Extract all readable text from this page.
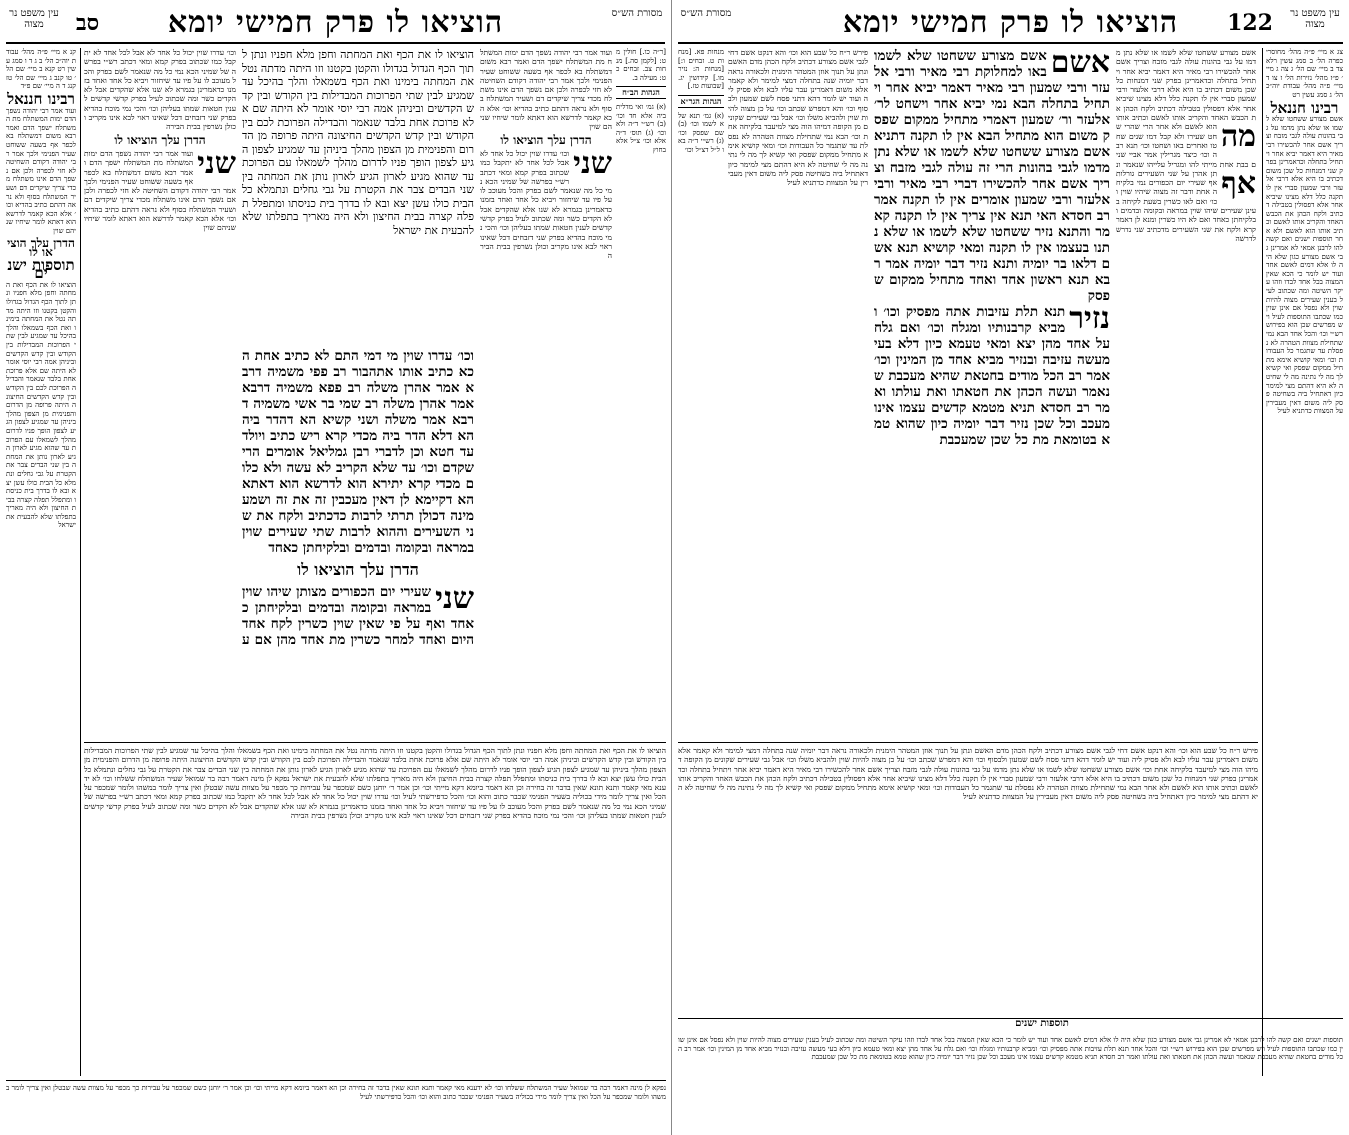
עין משפט נר מצוה	סב הוציאו לו פרק חמישי יומא	מסורת הש״ס
קנ א מיי׳ פ״ה מהל׳ עבודת יוה״כ הל׳ ב ג ד ו סמג עשין רט קנא ב מיי׳ שם הל׳ טו קנב ג מיי׳ שם הל׳ טז קנג ד ה מיי׳ שם פ״ד
רבינו חננאל
ועוד אמר רבי יהודה נשפך הדם ימות המשתלח מת המשתלח ישפך הדם ואמר רבא משום דמשתלח בא לכפר אף בשעה ששוחט שעיר הפנימי ולכך אמר רבי יהודה דקודם השחיטה לא חזי לכפרה ולכן אם נשפך הדם אינו משתלח מכדי צריך שיקדים דם ושעיר המשתלח בסוף ולא נראה דהתם כתיב בהדיא וכו׳ אלא הכא קאמר לדרשא הוא דאתא לומר שיחיו שניהם שוין
הדרן עלך הוציאו לו
תוספות ישנים
הוציאו לו את הכף ואת המחתה וחפן מלא חפניו ונתן לתוך הכף הגדול בגדולו והקטן בקטנו וזו היתה מדתה נטל את המחתה בימינו ואת הכף בשמאלו והלך בהיכל עד שמגיע לבין שתי הפרוכות המבדילות בין הקודש ובין קדש הקדשים וביניהן אמה רבי יוסי אומר לא היתה שם אלא פרוכת אחת בלבד שנאמר והבדילה הפרוכת לכם בין הקודש ובין קדש הקדשים החיצונה היתה פרופה מן הדרום והפנימית מן הצפון מהלך ביניהן עד שמגיע לצפון הגיע לצפון הופך פניו לדרום מהלך לשמאלו עם הפרוכת עד שהוא מגיע לארון הגיע לארון נותן את המחתה בין שני הבדים צבר את הקטרת על גבי גחלים ונתמלא כל הבית כולו עשן יצא ובא לו בדרך בית כניסתו ומתפלל תפלה קצרה בבית החיצון ולא היה מאריך בתפלתו שלא להבעית את ישראל
וכו׳ עדרו שוין יכול כל אחד לא אבל לכל אחד לא יתקבל כמו שכתוב בפרק קמא ומאי דכתב רש״י בפרשה של שמיני הכא נמי כל מה שנאמר לשם בפרק והכל מעוכב לו על פיו עד שיחזור ויביא כל אחד ואחד בזמנו כדאמרינן בגמרא לא שנו אלא שהקדים אבל לא הקדים כשר ומה שכתוב לעיל בפרק קדשי קדשים לענין חטאות שמתו בעליהן וכו׳ והכי נמי מוכח בהדיא בפרק שני דזבחים דכל שאינו ראוי לבא אינו מקריב וכולן נשרפין בבית הבירה
הדרן עלך הוציאו לו
שני
ועוד אמר רבי יהודה נשפך הדם ימות המשתלח מת המשתלח ישפך הדם ואמר רבא משום דמשתלח בא לכפר אף בשעה ששוחט שעיר הפנימי ולכך אמר רבי יהודה דקודם השחיטה לא חזי לכפרה ולכן אם נשפך הדם אינו משתלח מכדי צריך שיקדים דם ושעיר המשתלח בסוף ולא נראה דהתם כתיב בהדיא וכו׳ אלא הכא קאמר לדרשא הוא דאתא לומר שיחיו שניהם שוין
הוציאו לו את הכף ואת המחתה וחפן מלא חפניו ונתן לתוך הכף הגדול בגדולו והקטן בקטנו וזו היתה מדתה נטל את המחתה בימינו ואת הכף בשמאלו והלך בהיכל עד שמגיע לבין שתי הפרוכות המבדילות בין הקודש ובין קדש הקדשים וביניהן אמה רבי יוסי אומר לא היתה שם אלא פרוכת אחת בלבד שנאמר והבדילה הפרוכת לכם בין הקודש ובין קדש הקדשים החיצונה היתה פרופה מן הדרום והפנימית מן הצפון מהלך ביניהן עד שמגיע לצפון הגיע לצפון הופך פניו לדרום מהלך לשמאלו עם הפרוכת עד שהוא מגיע לארון הגיע לארון נותן את המחתה בין שני הבדים צבר את הקטרת על גבי גחלים ונתמלא כל הבית כולו עשן יצא ובא לו בדרך בית כניסתו ומתפלל תפלה קצרה בבית החיצון ולא היה מאריך בתפלתו שלא להבעית את ישראל
וכו׳ עדרו שוין מי דמי התם לא כתיב אחת הכא כתיב אותו אתהבור רב פפי משמיה דרבא אמר אהרן משלה רב פפא משמיה דרבא אמר אהרן משלה רב שמי בר אשי משמיה דרבא אמר משלה ושני קשיא הא דהדר ביה הא דלא הדר ביה מכדי קרא ריש כתיב ויולד עד חטא וכן לדברי רבן גמליאל אומרים הרי שקדם וכו׳ עד שלא הקריב לא עשה ולא כלום מכדי קרא יתירא הוא לדרשא הוא דאתא הא דקיימא לן דאין מעכבין זה את זה ושמע מינה דכולן תרתי לרבות כדכתיב ולקח את שני השעירים וההוא לרבות שתי שעירים שוין במראה ובקומה ובדמים ובלקיחתן כאחד
הדרן עלך הוציאו לו
שני
שעירי יום הכפורים מצותן שיהו שוין במראה ובקומה ובדמים ובלקיחתן כאחד ואף על פי שאין שוין כשרין לקח אחד היום ואחד למחר כשרין מת אחד מהן אם ע
ועוד אמר רבי יהודה נשפך הדם ימות המשתלח מת המשתלח ישפך הדם ואמר רבא משום דמשתלח בא לכפר אף בשעה ששוחט שעיר הפנימי ולכך אמר רבי יהודה דקודם השחיטה לא חזי לכפרה ולכן אם נשפך הדם אינו משתלח מכדי צריך שיקדים דם ושעיר המשתלח בסוף ולא נראה דהתם כתיב בהדיא וכו׳ אלא הכא קאמר לדרשא הוא דאתא לומר שיחיו שניהם שוין
הדרן עלך הוציאו לו
שני
וכו׳ עדרו שוין יכול כל אחד לא אבל לכל אחד לא יתקבל כמו שכתוב בפרק קמא ומאי דכתב רש״י בפרשה של שמיני הכא נמי כל מה שנאמר לשם בפרק והכל מעוכב לו על פיו עד שיחזור ויביא כל אחד ואחד בזמנו כדאמרינן בגמרא לא שנו אלא שהקדים אבל לא הקדים כשר ומה שכתוב לעיל בפרק קדשי קדשים לענין חטאות שמתו בעליהן וכו׳ והכי נמי מוכח בהדיא בפרק שני דזבחים דכל שאינו ראוי לבא אינו מקריב וכולן נשרפין בבית הבירה
[ר״ה כו.] חולין מט: [לקמן סה.] מנחות צב. זבחים כט: מעילה ב.
הגהות הב״ח
(א) גמ׳ ואי מדלית ביה אלא חד וכו׳ (ב) רש״י ד״ה ולא וכו׳ (ג) תוס׳ ד״ה אלא וכו׳ צ״ל אלא בחוץ
הוציאו לו את הכף ואת המחתה וחפן מלא חפניו ונתן לתוך הכף הגדול בגדולו והקטן בקטנו וזו היתה מדתה נטל את המחתה בימינו ואת הכף בשמאלו והלך בהיכל עד שמגיע לבין שתי הפרוכות המבדילות בין הקודש ובין קדש הקדשים וביניהן אמה רבי יוסי אומר לא היתה שם אלא פרוכת אחת בלבד שנאמר והבדילה הפרוכת לכם בין הקודש ובין קדש הקדשים החיצונה היתה פרופה מן הדרום והפנימית מן הצפון מהלך ביניהן עד שמגיע לצפון הגיע לצפון הופך פניו לדרום מהלך לשמאלו עם הפרוכת עד שהוא מגיע לארון הגיע לארון נותן את המחתה בין שני הבדים צבר את הקטרת על גבי גחלים ונתמלא כל הבית כולו עשן יצא ובא לו בדרך בית כניסתו ומתפלל תפלה קצרה בבית החיצון ולא היה מאריך בתפלתו שלא להבעית את ישראל נפקא לן מינה דאמר רבה בר שמואל שעיר המשתלח ששלחו וכו׳ לא ידענא מאי קאמר ותנא תונא שאין בדבר זה בחירה וכן הא דאמר ביומא דקא מייתי וכו׳ וכן אמר ר׳ יוחנן כשם שמכפר על עבירות כך מכפר על מצוות עשה שבטלן ואין צריך לומר במשהו ולומר שמכפר על הכל ואין צריך לומר מידי בכוליה בשעיר הפנימי שכבר כתוב והוא וכו׳ והכל כדפירשתי לעיל וכו׳ עדרו שוין יכול כל אחד לא אבל לכל אחד לא יתקבל כמו שכתוב בפרק קמא ומאי דכתב רש״י בפרשה של שמיני הכא נמי כל מה שנאמר לשם בפרק והכל מעוכב לו על פיו עד שיחזור ויביא כל אחד ואחד בזמנו כדאמרינן בגמרא לא שנו אלא שהקדים אבל לא הקדים כשר ומה שכתוב לעיל בפרק קדשי קדשים לענין חטאות שמתו בעליהן וכו׳ והכי נמי מוכח בהדיא בפרק שני דזבחים דכל שאינו ראוי לבא אינו מקריב וכולן נשרפין בבית הבירה
נפקא לן מינה דאמר רבה בר שמואל שעיר המשתלח ששלחו וכו׳ לא ידענא מאי קאמר ותנא תונא שאין בדבר זה בחירה וכן הא דאמר ביומא דקא מייתי וכו׳ וכן אמר ר׳ יוחנן כשם שמכפר על עבירות כך מכפר על מצוות עשה שבטלן ואין צריך לומר במשהו ולומר שמכפר על הכל ואין צריך לומר מידי בכוליה בשעיר הפנימי שכבר כתוב והוא וכו׳ והכל כדפירשתי לעיל
מסורת הש״ס	הוציאו לו פרק חמישי יומא 122	עין משפט נר מצוה
מנחות פא. [מנחות ט. זבחים ו:] [מנחות ה: נזיר מו.] קידושין יג. [שבועות טז.]
הגהות הגר״א
(א) גמ׳ תנא שלא לשמו וכו׳ (ב) שם שפסק וכו׳ (ג) רש״י ד״ה באו ל״ל דצ״ל וכו׳
פירש ר״ח כל שבע הוא וכו׳ והא דנקט אשם דחי לגבי אשם מצורע דכתיב ולקח הכהן מדם האשם ונתן על תנוך אוזן המטהר הימנית ולכאורה נראה דבר יומיה שנה בתחלה דמצי למימר ולא קאמר אלא משום דאמרינן עבר עליו לבא ולא פסיק ליה ועוד יש לומר דהא דתני פסח לשם שמעון ולבסוף וכו׳ והא דמפרש שכתב וכו׳ על כן מצוה להיות שוין ולהביא משלו וכו׳ אבל גבי שעירים שקונים מן הקופה דמיהו הוה מצי למיעבד בלקיחה אחת וכו׳ הבא נמי שתחילת מצוות הטהרה לא נפסלת עד שתגמר כל העבודות וכו׳ ומאי קושיא אימא מתחיל ממקום שפסק ואי קשיא לך מה לי נתינה מה לי שחיטה לא היא דהתם מצי למימר כיון דאתחיל ביה בשחיטה פסק ליה משום דאין מעבירין על המצוות כדתניא לעיל
אשם
אשם מצורע ששחטו שלא לשמו באו למחלוקת רבי מאיר ורבי אלעזר ורבי שמעון רבי מאיר דאמר יביא אחר ויתחיל בתחלה הבא נמי יביא אחר וישחט לר׳ אלעזר ור׳ שמעון דאמרי מתחיל ממקום שפסק משום הוא מתחיל הבא אין לו תקנה דתניא אשם מצורע ששחטו שלא לשמו או שלא נתן מדמו לגבי בהונות הרי זה עולה לגבי מזבח וצריך אשם אחר להכשירו דברי רבי מאיר ורבי אלעזר ורבי שמעון אומרים אין לו תקנה אמר רב חסדא האי תנא אין צריך אין לו תקנה קאמר והתנא נזיר ששחטו שלא לשמו או שלא נתנו בעצמו אין לו תקנה ומאי קושיא תנא אשם דלאו בר יומיה ותנא נזיר דבר יומיה אמר רבא תנא ראשון אחד ואחד מתחיל ממקום שפסק

נזיר
תנא תלת עזיבות אתה מפסיק וכו׳ ומביא קרבנותיו ומגלח וכו׳ ואם גלח על אחד מהן יצא ומאי טעמא כיון דלא בעי מעשה עזיבה ובנזיר מביא אחד מן המינין וכו׳ אמר רב הכל מודים בחטאת שהיא מעכבת שנאמר ועשה הכהן את חטאתו ואת עולתו ואמר רב חסדא תניא מטמא קדשים עצמו אינו מעכב וכל שכן נזיר דבר יומיה כיון שהוא טמא בטומאת מת כל שכן שמעכבת
אשם מצורע ששחטו שלא לשמו או שלא נתן מדמו על גבי בהונות עולה לגבי מזבח וצריך אשם אחר להכשירו רבי מאיר היא דאמר יביא אחר ויתחיל בתחלה וכדאמרינן בפרק שני דמנחות כל שכן משום דכתיב בו היא אלא דרבי אלעזר ורבי שמעון סברי אין לו תקנה כלל דלא מצינו שיביא אחר אלא דפסולין בטבילה דכתיב ולקח הכהן את הכבש האחד והקריב אותו לאשם וכתיב אותו הוא לאשם ולא אחר מה
הרי שהרי שחט שעירו ולא קבל דמו שנים שחטו ואחרים באו ושחטו וכו׳ תנא רבה וכו׳ כיצד מגרילין אמר אביי שנים בבת אחת מייתי להו ומגריל עלייהו שנאמר ונתן אהרן על שני השעירים גורלות אף
אף שעירי יום הכפורים נמי בלקיחה אחת ודבר זה מצוה שיהיו שוין וכו׳ ואם לאו כשרין בשעת לקיחה בעינן שעירים שיהו שוין במראה ובקומה ובדמים ובלקיחתן כאחד ואם לא היו כשרין ומנא לן דאמר קרא ולקח את שני השעירים מדכתיב שני נדרש לדרשה
צג א מיי׳ פ״ה מהל׳ מחוסרי כפרה הל׳ ב סמג עשין רלא צד ב מיי׳ שם הל׳ ג צה ג מיי׳ פ״ז מהל׳ נזירות הל׳ ז צו ד מיי׳ פ״ה מהל׳ עבודת יוה״כ הל׳ ג סמג עשין רט
רבינו חננאל
אשם מצורע ששחטו שלא לשמו או שלא נתן מדמו על גבי בהונות עולה לגבי מזבח וצריך אשם אחר להכשירו רבי מאיר היא דאמר יביא אחר ויתחיל בתחלה וכדאמרינן בפרק שני דמנחות כל שכן משום דכתיב בו היא אלא דרבי אלעזר ורבי שמעון סברי אין לו תקנה כלל דלא מצינו שיביא אחר אלא דפסולין בטבילה דכתיב ולקח הכהן את הכבש האחד והקריב אותו לאשם וכתיב אותו הוא לאשם ולא אחר תוספות ישנים ואם קשה להו לרבנן אמאי לא אמרינן גבי אשם מצורע כגון שלא היה לו אלא דמים לאשם אחד ועוד יש לומר כי הכא שאין המצוה בכל אחד לבדו וזהו עיקר השיטה ומה שכתוב לעיל בענין שעירים מצוה להיות שוין ולא נפסל אם אינן שוין כמו שכתבו התוספות לעיל ויש מפרשים שכן הוא בפירוש רש״י וכו׳ והכל אחד הבא נמי שתחילת מצוות הטהרה לא נפסלת עד שתגמר כל העבודות וכו׳ ומאי קושיא אימא מתחיל ממקום שפסק ואי קשיא לך מה לי נתינה מה לי שחיטה לא היא דהתם מצי למימר כיון דאתחיל ביה בשחיטה פסק ליה משום דאין מעבירין על המצוות כדתניא לעיל
פירש ר״ח כל שבע הוא וכו׳ והא דנקט אשם דחי לגבי אשם מצורע דכתיב ולקח הכהן מדם האשם ונתן על תנוך אוזן המטהר הימנית ולכאורה נראה דבר יומיה שנה בתחלה דמצי למימר ולא קאמר אלא משום דאמרינן עבר עליו לבא ולא פסיק ליה ועוד יש לומר דהא דתני פסח לשם שמעון ולבסוף וכו׳ והא דמפרש שכתב וכו׳ על כן מצוה להיות שוין ולהביא משלו וכו׳ אבל גבי שעירים שקונים מן הקופה דמיהו הוה מצי למיעבד בלקיחה אחת וכו׳ אשם מצורע ששחטו שלא לשמו או שלא נתן מדמו על גבי בהונות עולה לגבי מזבח וצריך אשם אחר להכשירו רבי מאיר היא דאמר יביא אחר ויתחיל בתחלה וכדאמרינן בפרק שני דמנחות כל שכן משום דכתיב בו היא אלא דרבי אלעזר ורבי שמעון סברי אין לו תקנה כלל דלא מצינו שיביא אחר אלא דפסולין בטבילה דכתיב ולקח הכהן את הכבש האחד והקריב אותו לאשם וכתיב אותו הוא לאשם ולא אחר הבא נמי שתחילת מצוות הטהרה לא נפסלת עד שתגמר כל העבודות וכו׳ ומאי קושיא אימא מתחיל ממקום שפסק ואי קשיא לך מה לי נתינה מה לי שחיטה לא היא דהתם מצי למימר כיון דאתחיל ביה בשחיטה פסק ליה משום דאין מעבירין על המצוות כדתניא לעיל
תוספות ישנים
תוספות ישנים ואם קשה להו לרבנן אמאי לא אמרינן גבי אשם מצורע כגון שלא היה לו אלא דמים לאשם אחד ועוד יש לומר כי הכא שאין המצוה בכל אחד לבדו וזהו עיקר השיטה ומה שכתוב לעיל בענין שעירים מצוה להיות שוין ולא נפסל אם אינן שוין כמו שכתבו התוספות לעיל ויש מפרשים שכן הוא בפירוש רש״י וכו׳ והכל אחד תנא תלת עזיבות אתה מפסיק וכו׳ ומביא קרבנותיו ומגלח וכו׳ ואם גלח על אחד מהן יצא ומאי טעמא כיון דלא בעי מעשה עזיבה ובנזיר מביא אחד מן המינין וכו׳ אמר רב הכל מודים בחטאת שהיא מעכבת שנאמר ועשה הכהן את חטאתו ואת עולתו ואמר רב חסדא תניא מטמא קדשים עצמו אינו מעכב וכל שכן נזיר דבר יומיה כיון שהוא טמא בטומאת מת כל שכן שמעכבת
